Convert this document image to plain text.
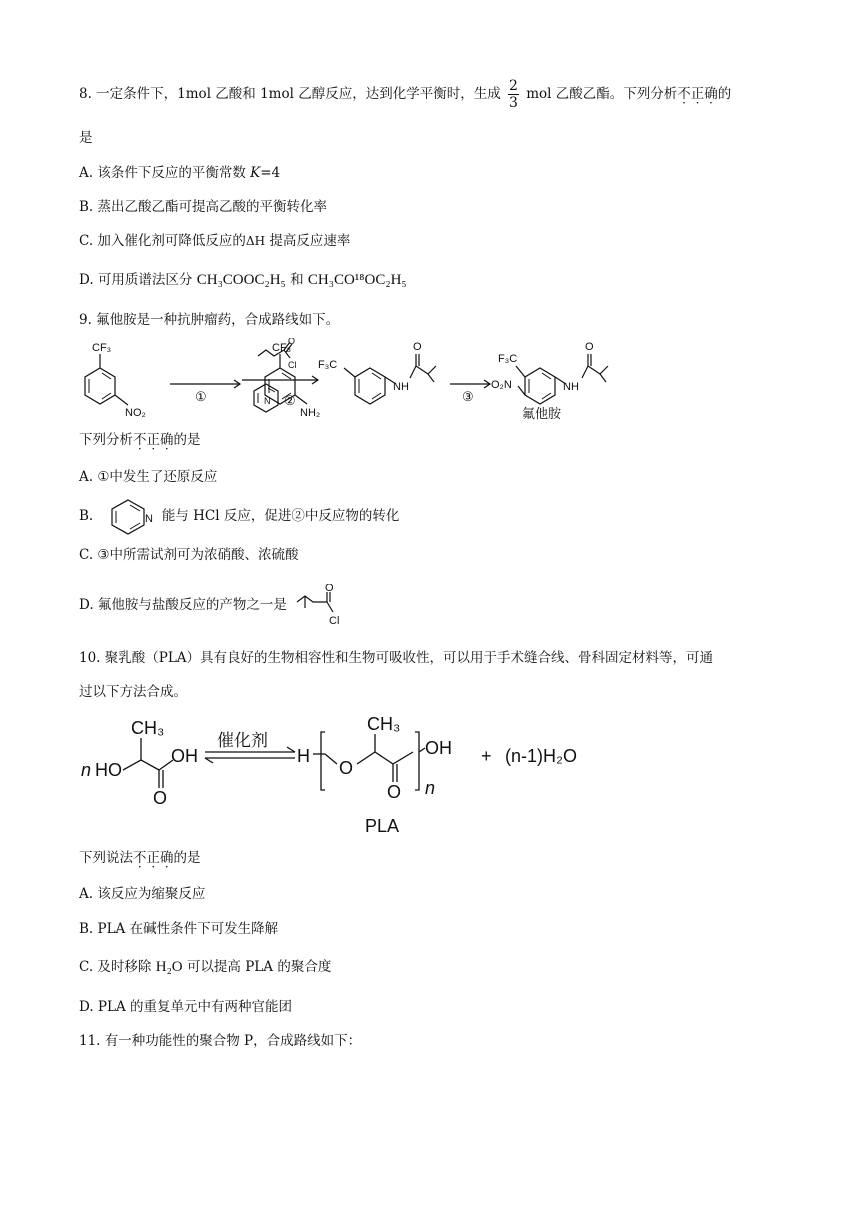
8. 一定条件下，1mol 乙酸和 1mol 乙醇反应，达到化学平衡时，生成 $\frac{2}{3}$ mol 乙酸乙酯。下列分析不正确的
是
A. 该条件下反应的平衡常数 K=4
B. 蒸出乙酸乙酯可提高乙酸的平衡转化率
C. 加入催化剂可降低反应的ΔH 提高反应速率
D. 可用质谱法区分 CH₃COOC₂H₅ 和 CH₃CO¹⁸OC₂H₅
9. 氟他胺是一种抗肿瘤药，合成路线如下。
CF₃
NO₂
①
CF₃
NH₂
O
Cl
N ②
F₃C
NH
O
③
F₃C
O₂N	NH
O
氟他胺
下列分析不正确的是
A. ①中发生了还原反应
B.	N 能与 HCl 反应，促进②中反应物的转化
C. ③中所需试剂可为浓硝酸、浓硫酸
D. 氟他胺与盐酸反应的产物之一是
O
Cl
10. 聚乳酸（PLA）具有良好的生物相容性和生物可吸收性，可以用于手术缝合线、骨科固定材料等，可通
过以下方法合成。
n HO
CH₃
OH
O
催化剂
H
O
CH₃
O
OH
n
+ (n-1)H₂O
PLA
下列说法不正确的是
A. 该反应为缩聚反应
B. PLA 在碱性条件下可发生降解
C. 及时移除 H₂O 可以提高 PLA 的聚合度
D. PLA 的重复单元中有两种官能团
11. 有一种功能性的聚合物 P，合成路线如下：
